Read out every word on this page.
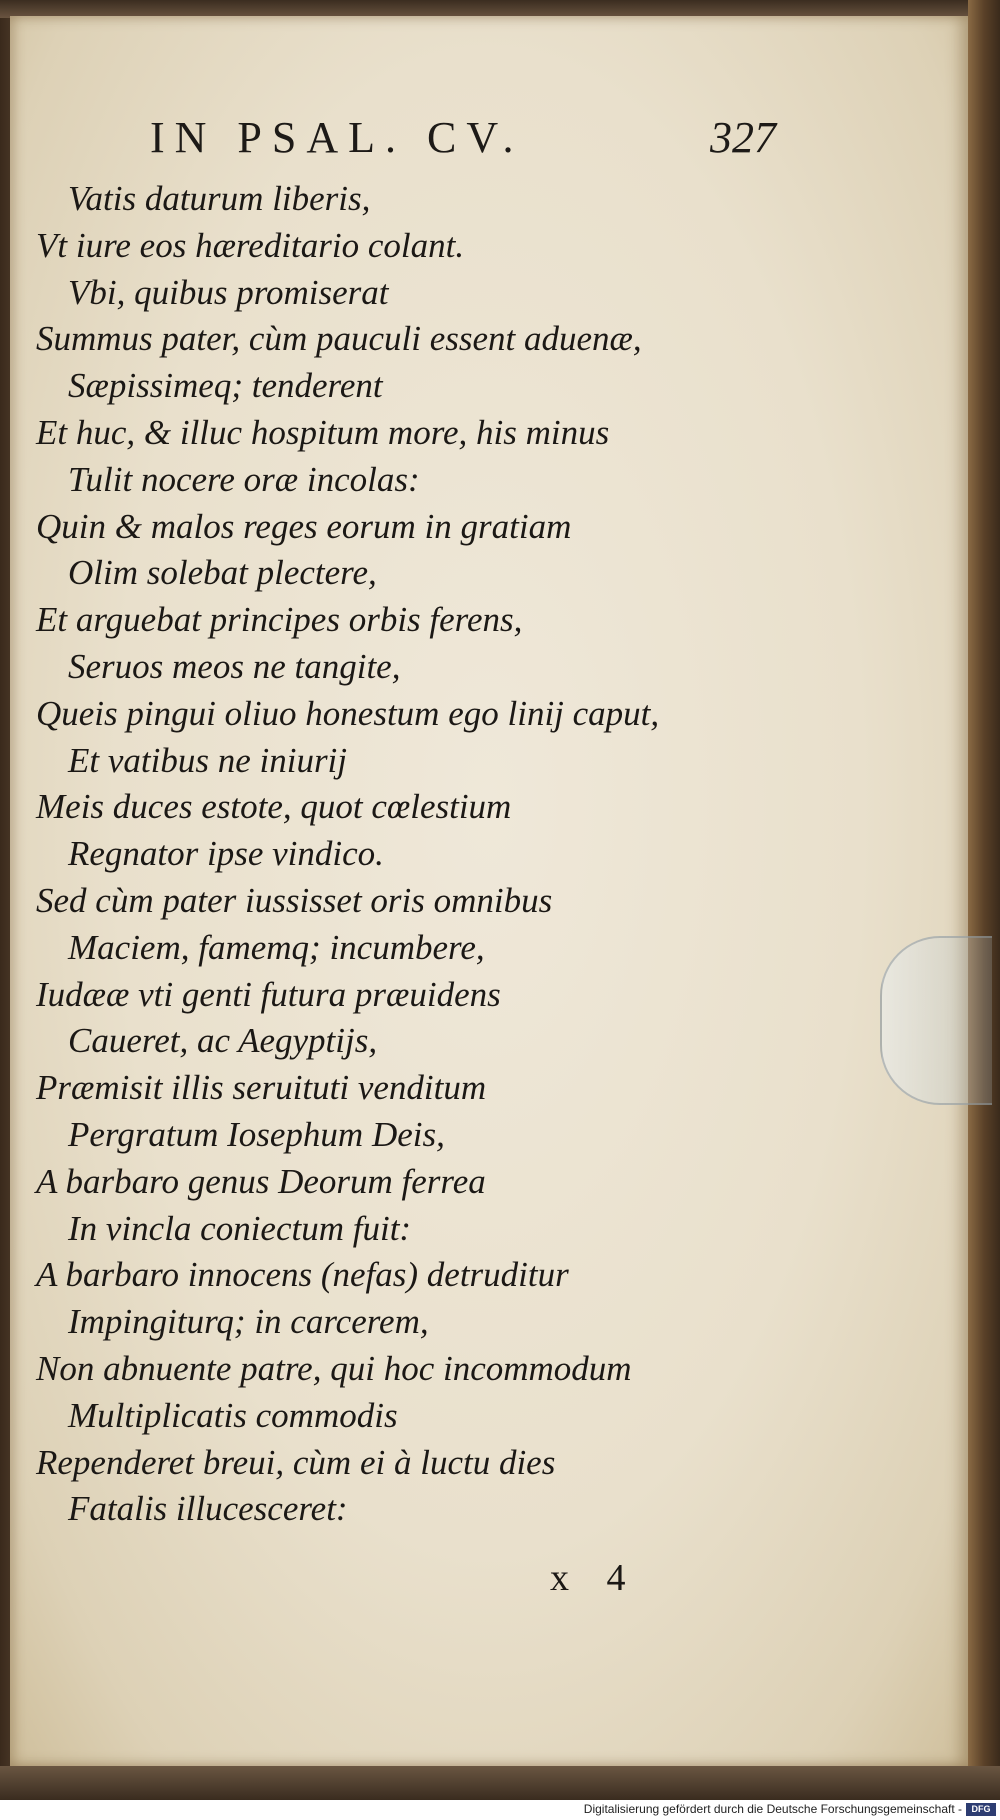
IN PSAL. CV.	327
Vatis daturum liberis,
Vt iure eos hæreditario colant.
Vbi, quibus promiserat
Summus pater, cùm pauculi essent aduenæ,
Sæpissimeq; tenderent
Et huc, & illuc hospitum more, his minus
Tulit nocere oræ incolas:
Quin & malos reges eorum in gratiam
Olim solebat plectere,
Et arguebat principes orbis ferens,
Seruos meos ne tangite,
Queis pingui oliuo honestum ego linij caput,
Et vatibus ne iniurij
Meis duces estote, quot cœlestium
Regnator ipse vindico.
Sed cùm pater iussisset oris omnibus
Maciem, famemq; incumbere,
Iudææ vti genti futura præuidens
Caueret, ac Aegyptijs,
Præmisit illis seruituti venditum
Pergratum Iosephum Deis,
A barbaro genus Deorum ferrea
In vincla coniectum fuit:
A barbaro innocens (nefas) detruditur
Impingiturq; in carcerem,
Non abnuente patre, qui hoc incommodum
Multiplicatis commodis
Rependeret breui, cùm ei à luctu dies
Fatalis illucesceret:
x 4
Digitalisierung gefördert durch die Deutsche Forschungsgemeinschaft -	DFG
